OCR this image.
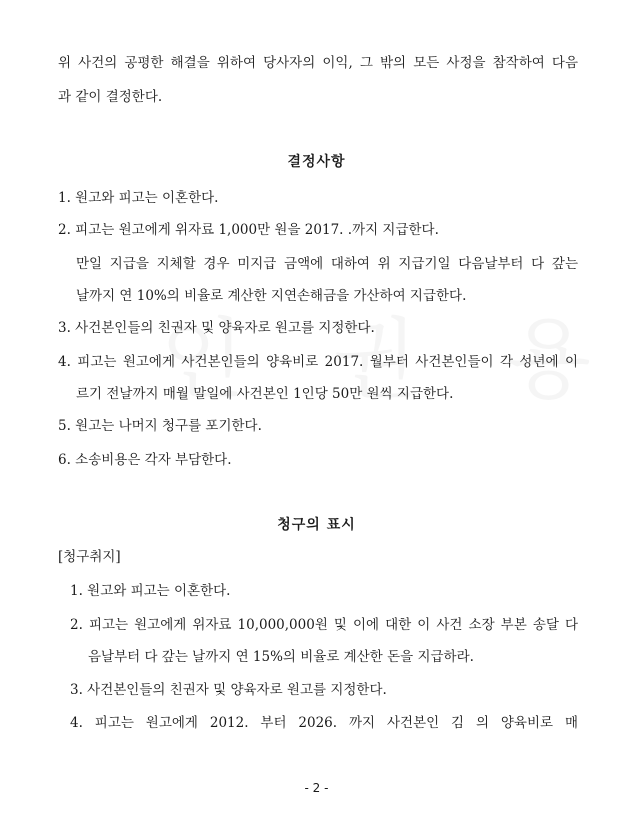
위 사건의 공평한 해결을 위하여 당사자의 이익, 그 밖의 모든 사정을 참작하여 다음
과 같이 결정한다.
결정사항
1. 원고와 피고는 이혼한다.
2. 피고는 원고에게 위자료 1,000만 원을 2017. .까지 지급한다.
만일 지급을 지체할 경우 미지급 금액에 대하여 위 지급기일 다음날부터 다 갚는
날까지 연 10%의 비율로 계산한 지연손해금을 가산하여 지급한다.
3. 사건본인들의 친권자 및 양육자로 원고를 지정한다.
4. 피고는 원고에게 사건본인들의 양육비로 2017. 월부터 사건본인들이 각 성년에 이
르기 전날까지 매월 말일에 사건본인 1인당 50만 원씩 지급한다.
5. 원고는 나머지 청구를 포기한다.
6. 소송비용은 각자 부담한다.
청구의 표시
[청구취지]
1. 원고와 피고는 이혼한다.
2. 피고는 원고에게 위자료 10,000,000원 및 이에 대한 이 사건 소장 부본 송달 다
음날부터 다 갚는 날까지 연 15%의 비율로 계산한 돈을 지급하라.
3. 사건본인들의 친권자 및 양육자로 원고를 지정한다.
4. 피고는 원고에게 2012. 부터 2026. 까지 사건본인 김 의 양육비로 매
- 2 -
